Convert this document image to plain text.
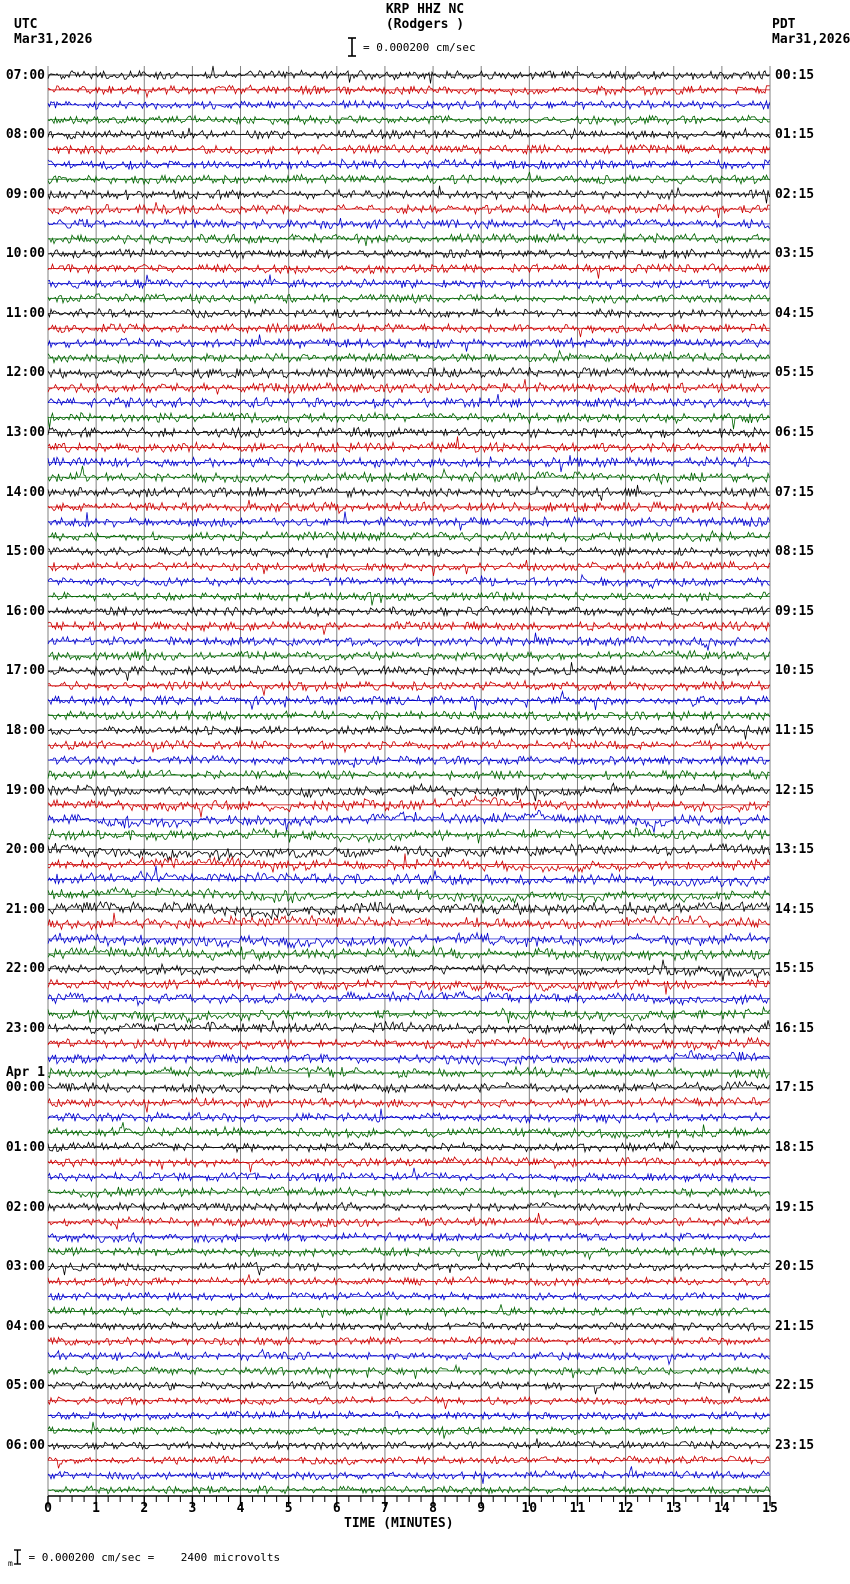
KRP HHZ NC
(Rodgers )
UTC
Mar31,2026
PDT
Mar31,2026
= 0.000200 cm/sec
07:00
08:00
09:00
10:00
11:00
12:00
13:00
14:00
15:00
16:00
17:00
18:00
19:00
20:00
21:00
22:00
23:00
00:00
01:00
02:00
03:00
04:00
05:00
06:00
Apr 1
00:15
01:15
02:15
03:15
04:15
05:15
06:15
07:15
08:15
09:15
10:15
11:15
12:15
13:15
14:15
15:15
16:15
17:15
18:15
19:15
20:15
21:15
22:15
23:15
0	1	2	3	4	5	6	7	8	9	10	11	12	13	14	15
TIME (MINUTES)
$_m$ = 0.000200 cm/sec =    2400 microvolts
